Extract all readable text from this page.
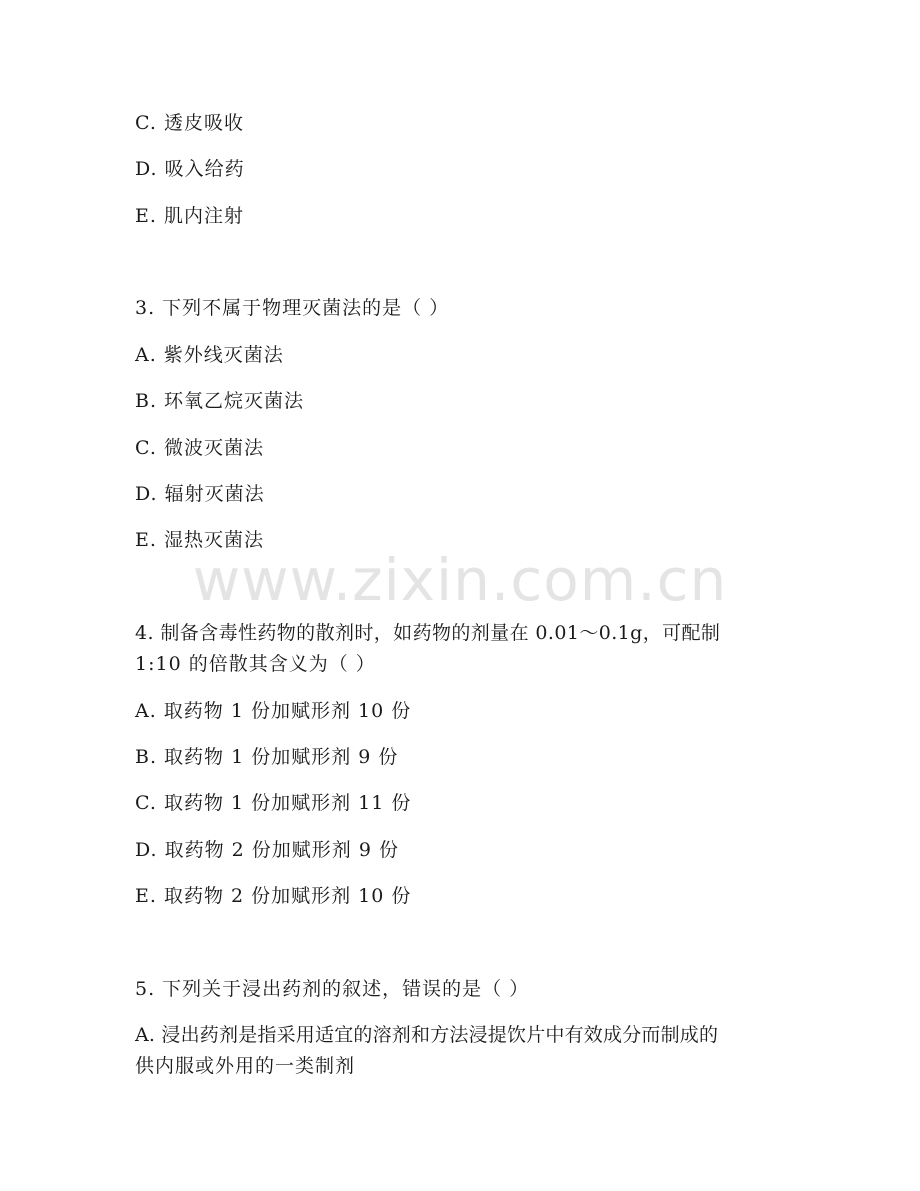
www.zixin.com.cn
C. 透皮吸收
D. 吸入给药
E. 肌内注射
3. 下列不属于物理灭菌法的是（ ）
A. 紫外线灭菌法
B. 环氧乙烷灭菌法
C. 微波灭菌法
D. 辐射灭菌法
E. 湿热灭菌法
4. 制备含毒性药物的散剂时，如药物的剂量在 0.01～0.1g，可配制
1:10 的倍散其含义为（ ）
A. 取药物 1 份加赋形剂 10 份
B. 取药物 1 份加赋形剂 9 份
C. 取药物 1 份加赋形剂 11 份
D. 取药物 2 份加赋形剂 9 份
E. 取药物 2 份加赋形剂 10 份
5. 下列关于浸出药剂的叙述，错误的是（ ）
A. 浸出药剂是指采用适宜的溶剂和方法浸提饮片中有效成分而制成的
供内服或外用的一类制剂
